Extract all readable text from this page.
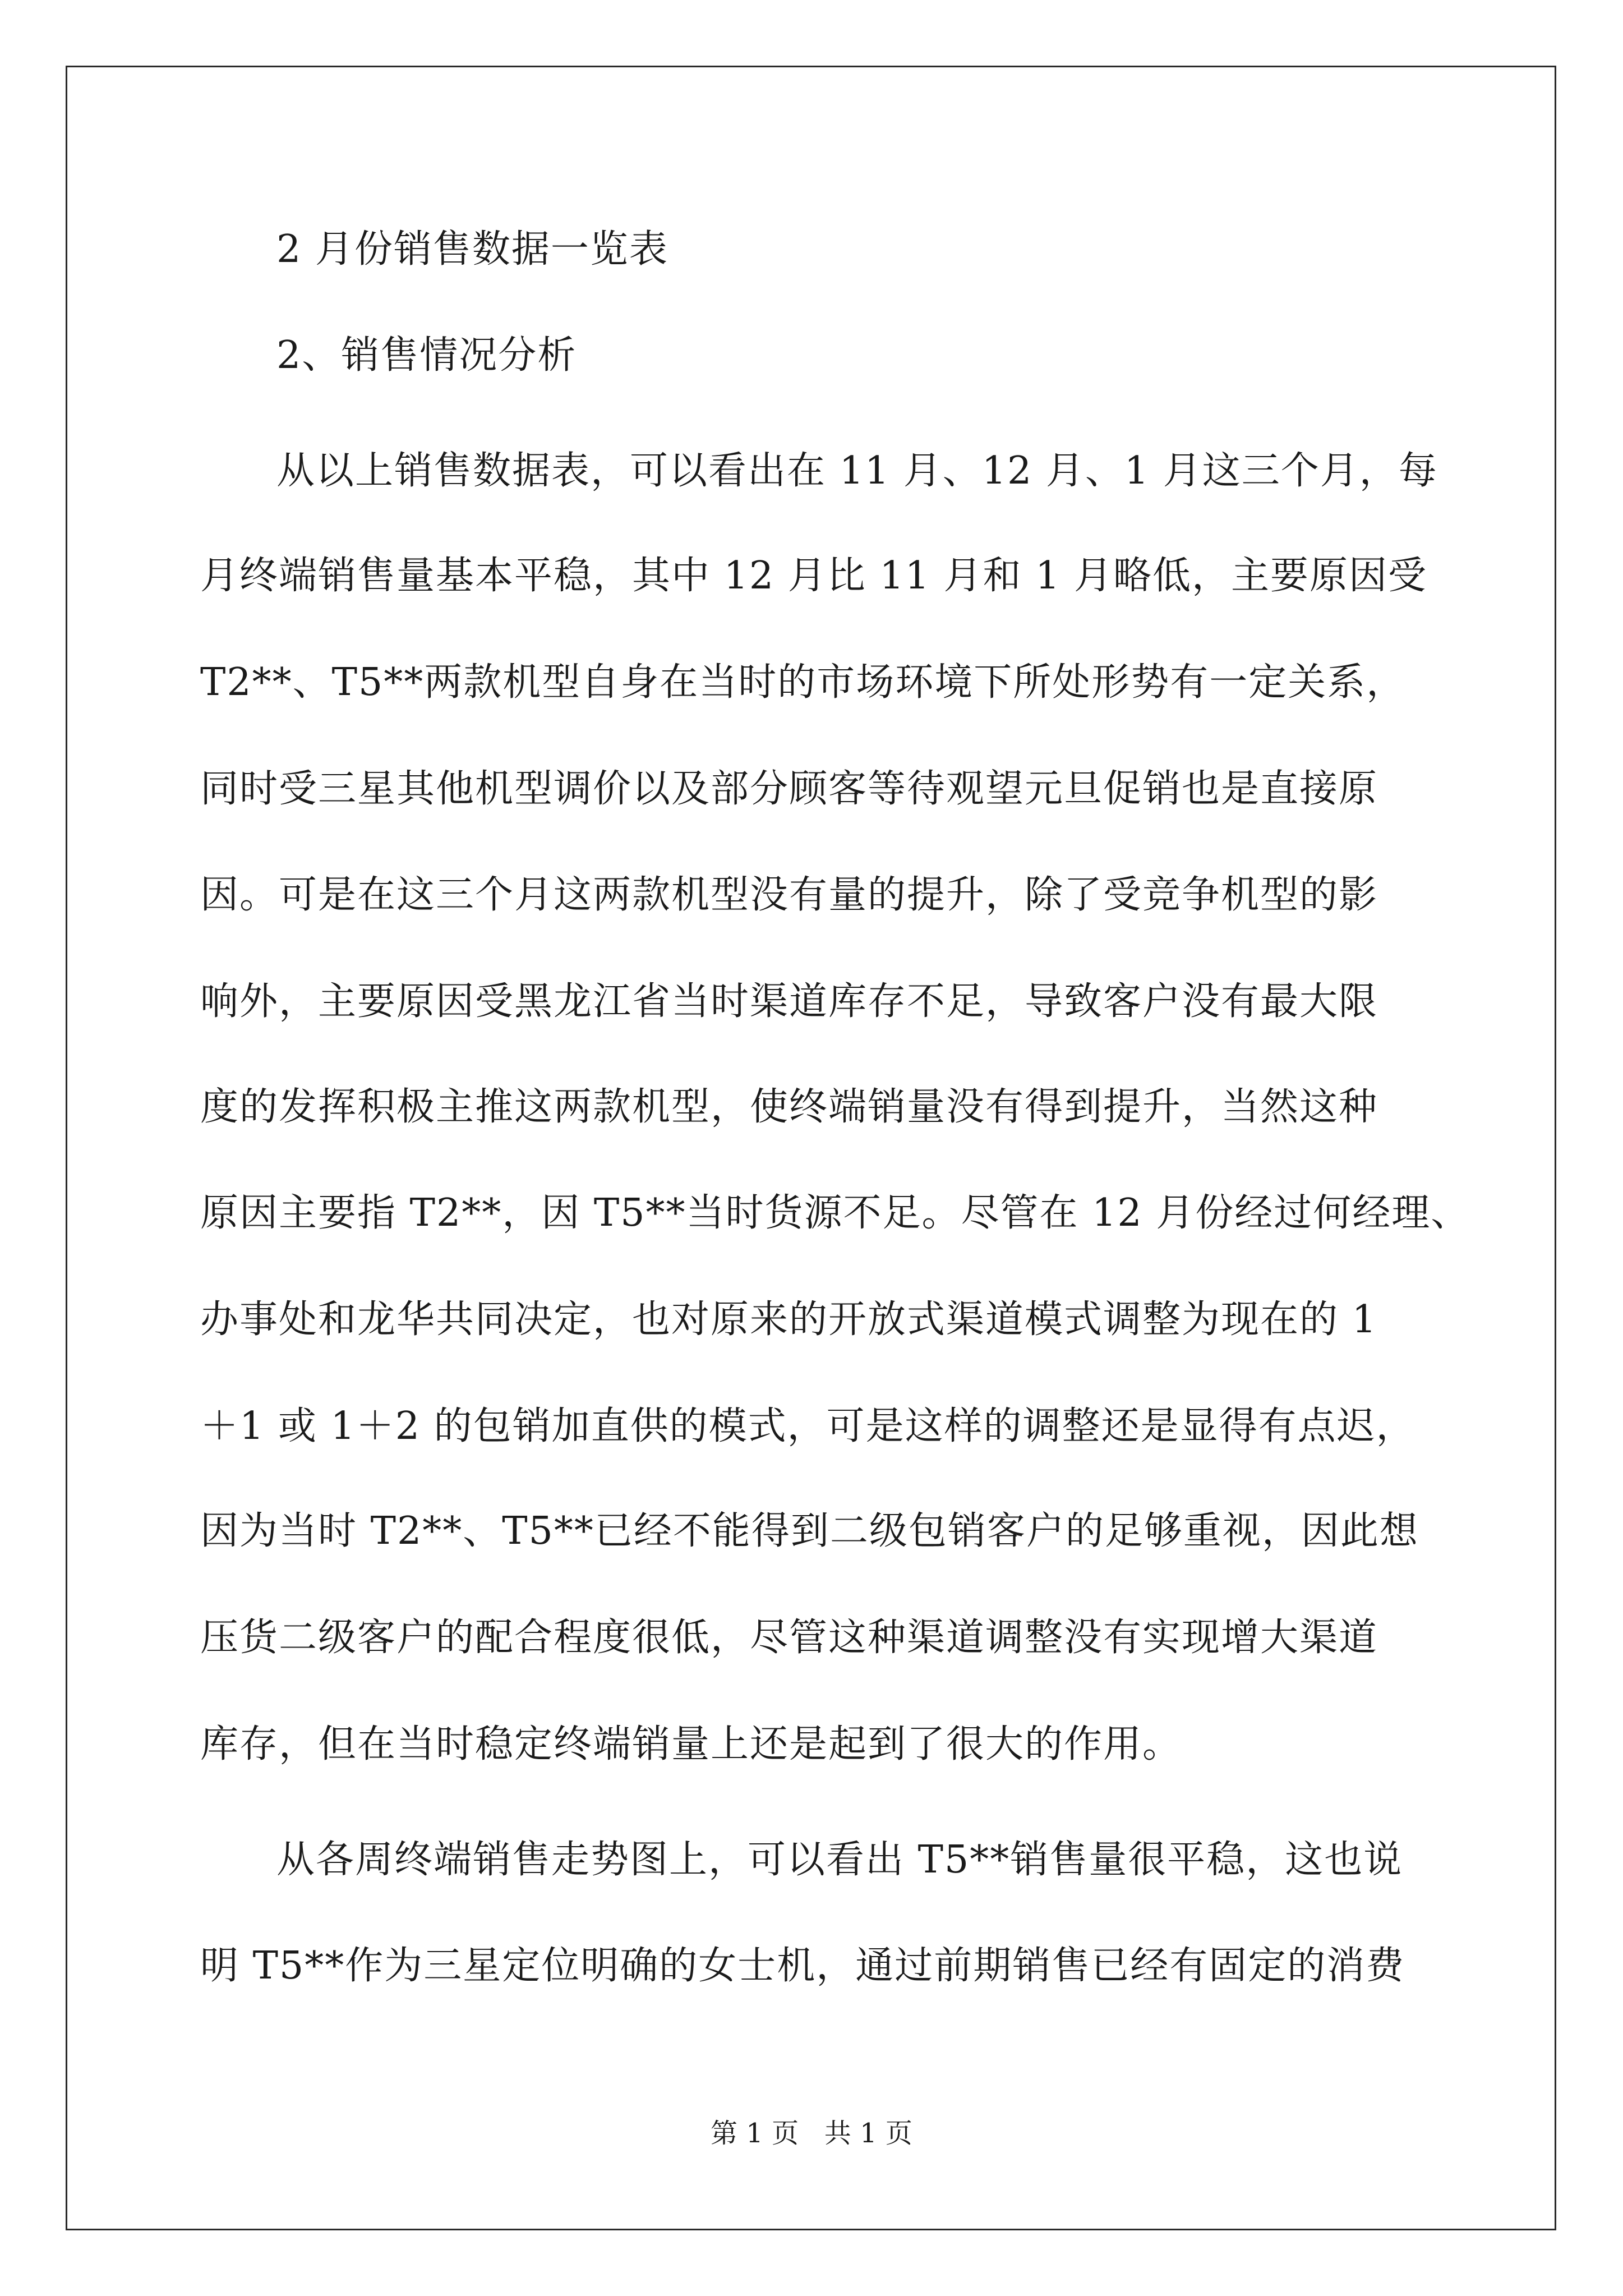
2 月份销售数据一览表
2、销售情况分析
从以上销售数据表，可以看出在 11 月、12 月、1 月这三个月，每
月终端销售量基本平稳，其中 12 月比 11 月和 1 月略低，主要原因受
T2**、T5**两款机型自身在当时的市场环境下所处形势有一定关系，
同时受三星其他机型调价以及部分顾客等待观望元旦促销也是直接原
因。可是在这三个月这两款机型没有量的提升，除了受竞争机型的影
响外，主要原因受黑龙江省当时渠道库存不足，导致客户没有最大限
度的发挥积极主推这两款机型，使终端销量没有得到提升，当然这种
原因主要指 T2**，因 T5**当时货源不足。尽管在 12 月份经过何经理、
办事处和龙华共同决定，也对原来的开放式渠道模式调整为现在的 1
＋1 或 1＋2 的包销加直供的模式，可是这样的调整还是显得有点迟，
因为当时 T2**、T5**已经不能得到二级包销客户的足够重视，因此想
压货二级客户的配合程度很低，尽管这种渠道调整没有实现增大渠道
库存，但在当时稳定终端销量上还是起到了很大的作用。
从各周终端销售走势图上，可以看出 T5**销售量很平稳，这也说
明 T5**作为三星定位明确的女士机，通过前期销售已经有固定的消费
第 1 页   共 1 页
